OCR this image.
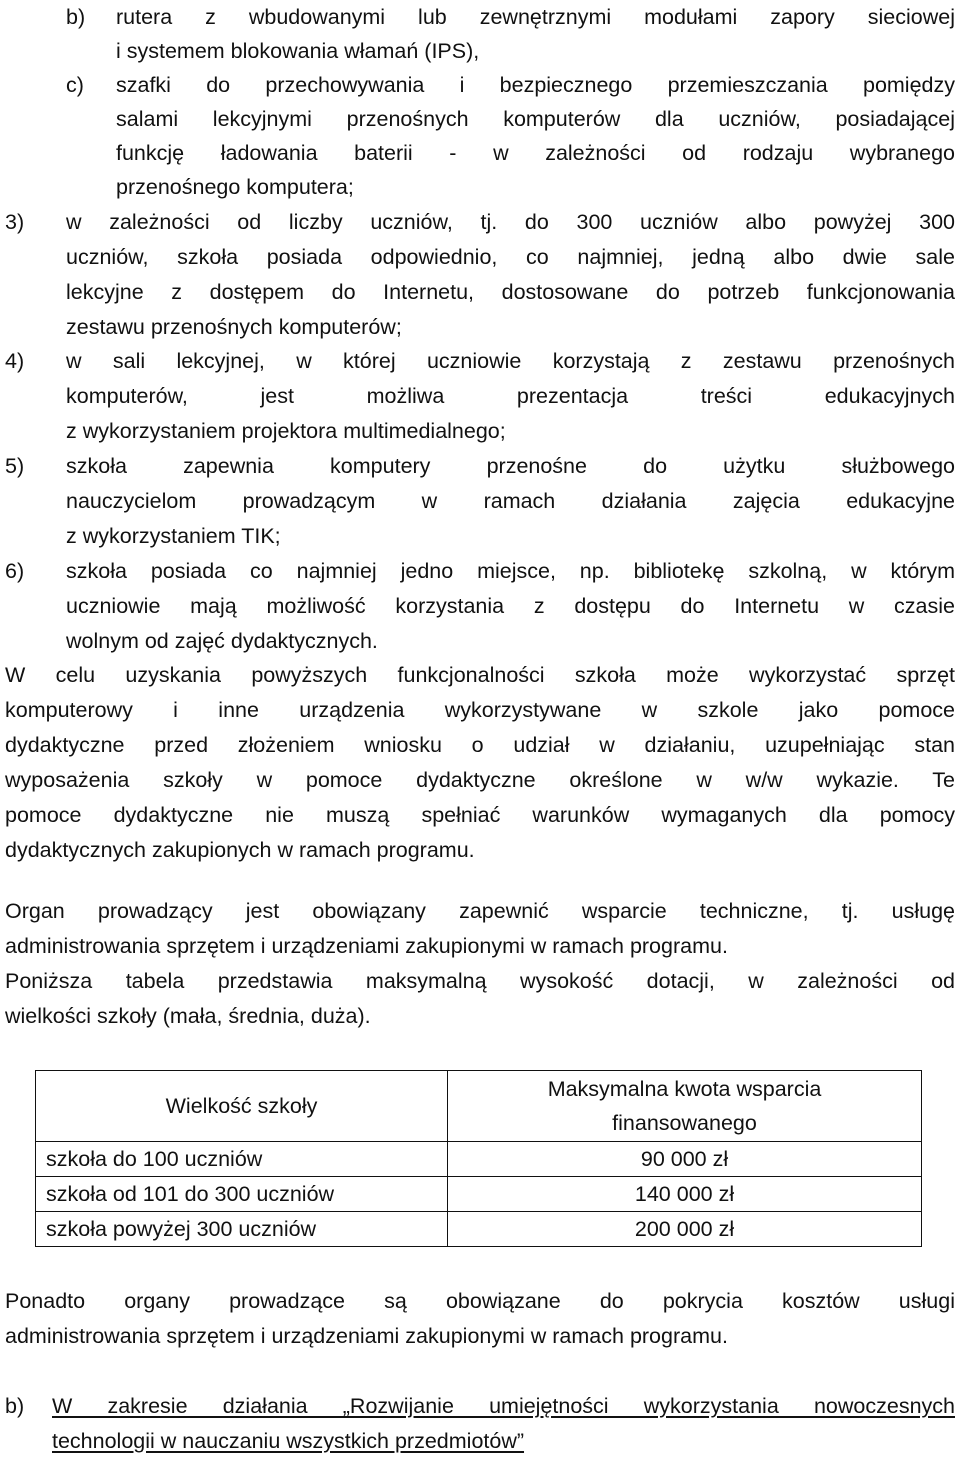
b) rutera z wbudowanymi lub zewnętrznymi modułami zapory sieciowej
i systemem blokowania włamań (IPS),
c) szafki do przechowywania i bezpiecznego przemieszczania pomiędzy
salami lekcyjnymi przenośnych komputerów dla uczniów, posiadającej
funkcję ładowania baterii - w zależności od rodzaju wybranego
przenośnego komputera;
3) w zależności od liczby uczniów, tj. do 300 uczniów albo powyżej 300
uczniów, szkoła posiada odpowiednio, co najmniej, jedną albo dwie sale
lekcyjne z dostępem do Internetu, dostosowane do potrzeb funkcjonowania
zestawu przenośnych komputerów;
4) w sali lekcyjnej, w której uczniowie korzystają z zestawu przenośnych
komputerów, jest możliwa prezentacja treści edukacyjnych
z wykorzystaniem projektora multimedialnego;
5) szkoła zapewnia komputery przenośne do użytku służbowego
nauczycielom prowadzącym w ramach działania zajęcia edukacyjne
z wykorzystaniem TIK;
6) szkoła posiada co najmniej jedno miejsce, np. bibliotekę szkolną, w którym
uczniowie mają możliwość korzystania z dostępu do Internetu w czasie
wolnym od zajęć dydaktycznych.
W celu uzyskania powyższych funkcjonalności szkoła może wykorzystać sprzęt
komputerowy i inne urządzenia wykorzystywane w szkole jako pomoce
dydaktyczne przed złożeniem wniosku o udział w działaniu, uzupełniając stan
wyposażenia szkoły w pomoce dydaktyczne określone w w/w wykazie. Te
pomoce dydaktyczne nie muszą spełniać warunków wymaganych dla pomocy
dydaktycznych zakupionych w ramach programu.
Organ prowadzący jest obowiązany zapewnić wsparcie techniczne, tj. usługę
administrowania sprzętem i urządzeniami zakupionymi w ramach programu.
Poniższa tabela przedstawia maksymalną wysokość dotacji, w zależności od
wielkości szkoły (mała, średnia, duża).
Wielkość szkoły	Maksymalna kwota wsparcia
finansowanego

szkoła do 100 uczniów	90 000 zł
szkoła od 101 do 300 uczniów	140 000 zł
szkoła powyżej 300 uczniów	200 000 zł
Ponadto organy prowadzące są obowiązane do pokrycia kosztów usługi
administrowania sprzętem i urządzeniami zakupionymi w ramach programu.
b) W zakresie działania „Rozwijanie umiejętności wykorzystania nowoczesnych
technologii w nauczaniu wszystkich przedmiotów”
